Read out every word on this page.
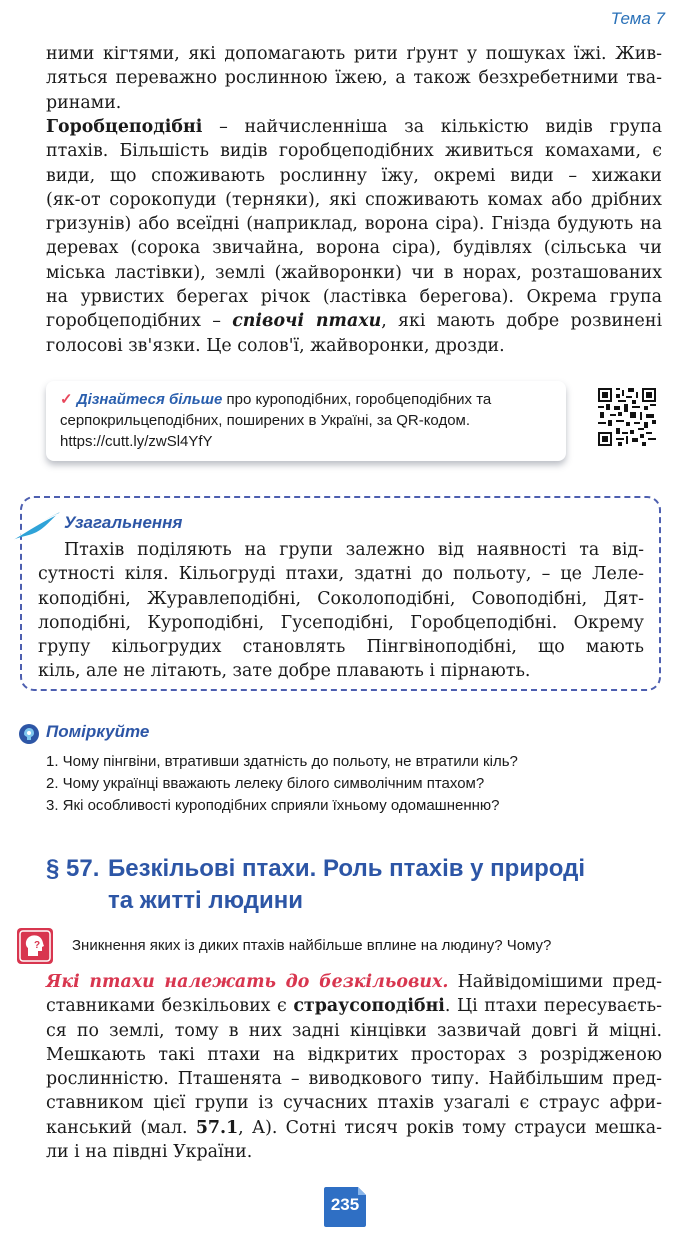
Тема 7

ними кігтями, які допомагають рити ґрунт у пошуках їжі. Жив-

ляться переважно рослинною їжею, а також безхребетними тва-

ринами.

Горобцеподібні – найчисленніша за кількістю видів група

птахів. Більшість видів горобцеподібних живиться комахами, є

види, що споживають рослинну їжу, окремі види – хижаки

(як-от сорокопуди (терняки), які споживають комах або дрібних

гризунів) або всеїдні (наприклад, ворона сіра). Гнізда будують на

деревах (сорока звичайна, ворона сіра), будівлях (сільська чи

міська ластівки), землі (жайворонки) чи в норах, розташованих

на урвистих берегах річок (ластівка берегова). Окрема група

горобцеподібних – співочі птахи, які мають добре розвинені

голосові зв'язки. Це солов'ї, жайворонки, дрозди.

✓ Дізнайтеся більше про куроподібних, горобцеподібних та
серпокрильцеподібних, поширених в Україні, за QR-кодом.
https://cutt.ly/zwSl4YfY
Узагальнення

Птахів поділяють на групи залежно від наявності та від-

сутності кіля. Кільогруді птахи, здатні до польоту, – це Леле-

коподібні, Журавлеподібні, Соколоподібні, Совоподібні, Дят-

лоподібні, Куроподібні, Гусеподібні, Горобцеподібні. Окрему

групу кільогрудих становлять Пінгвіноподібні, що мають

кіль, але не літають, зате добре плавають і пірнають.

Поміркуйте
1. Чому пінгвіни, втративши здатність до польоту, не втратили кіль?
2. Чому українці вважають лелеку білого символічним птахом?
3. Які особливості куроподібних сприяли їхньому одомашненню?
§ 57. Безкільові птахи. Роль птахів у природі
та житті людини
? Зникнення яких із диких птахів найбільше вплине на людину? Чому?

Які птахи належать до безкільових. Найвідомішими пред-

ставниками безкільових є страусоподібні. Ці птахи пересуваєть-

ся по землі, тому в них задні кінцівки зазвичай довгі й міцні.

Мешкають такі птахи на відкритих просторах з розрідженою

рослинністю. Пташенята – виводкового типу. Найбільшим пред-

ставником цієї групи із сучасних птахів узагалі є страус афри-

канський (мал. 57.1, А). Сотні тисяч років тому страуси мешка-

ли і на півдні України.

235
